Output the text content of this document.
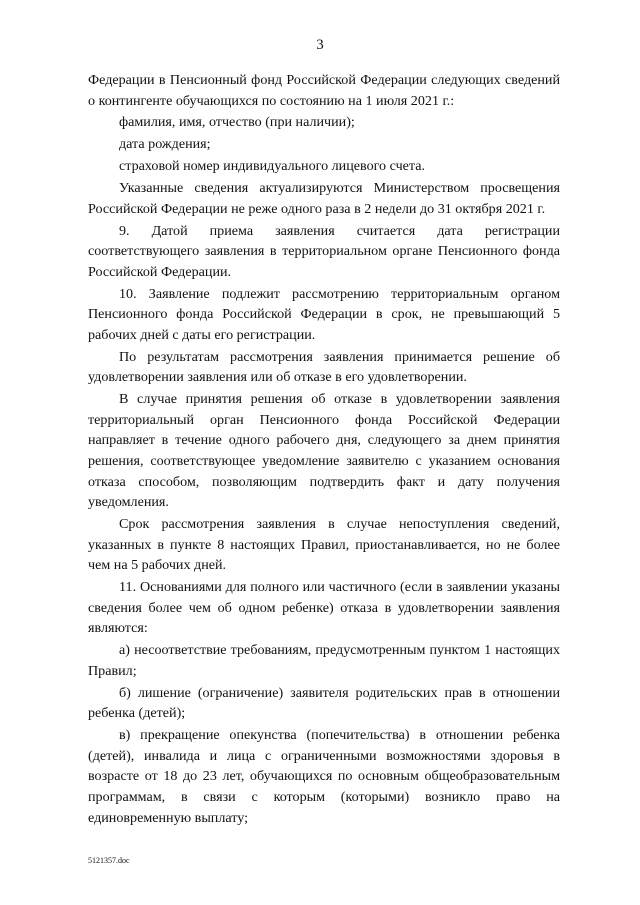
3

Федерации в Пенсионный фонд Российской Федерации следующих сведений о контингенте обучающихся по состоянию на 1 июля 2021 г.:

фамилия, имя, отчество (при наличии);

дата рождения;

страховой номер индивидуального лицевого счета.

Указанные сведения актуализируются Министерством просвещения Российской Федерации не реже одного раза в 2 недели до 31 октября 2021 г.

9. Датой приема заявления считается дата регистрации соответствующего заявления в территориальном органе Пенсионного фонда Российской Федерации.

10. Заявление подлежит рассмотрению территориальным органом Пенсионного фонда Российской Федерации в срок, не превышающий 5 рабочих дней с даты его регистрации.

По результатам рассмотрения заявления принимается решение об удовлетворении заявления или об отказе в его удовлетворении.

В случае принятия решения об отказе в удовлетворении заявления территориальный орган Пенсионного фонда Российской Федерации направляет в течение одного рабочего дня, следующего за днем принятия решения, соответствующее уведомление заявителю с указанием основания отказа способом, позволяющим подтвердить факт и дату получения уведомления.

Срок рассмотрения заявления в случае непоступления сведений, указанных в пункте 8 настоящих Правил, приостанавливается, но не более чем на 5 рабочих дней.

11. Основаниями для полного или частичного (если в заявлении указаны сведения более чем об одном ребенке) отказа в удовлетворении заявления являются:

а) несоответствие требованиям, предусмотренным пунктом 1 настоящих Правил;

б) лишение (ограничение) заявителя родительских прав в отношении ребенка (детей);

в) прекращение опекунства (попечительства) в отношении ребенка (детей), инвалида и лица с ограниченными возможностями здоровья в возрасте от 18 до 23 лет, обучающихся по основным общеобразовательным программам, в связи с которым (которыми) возникло право на единовременную выплату;

5121357.doc
